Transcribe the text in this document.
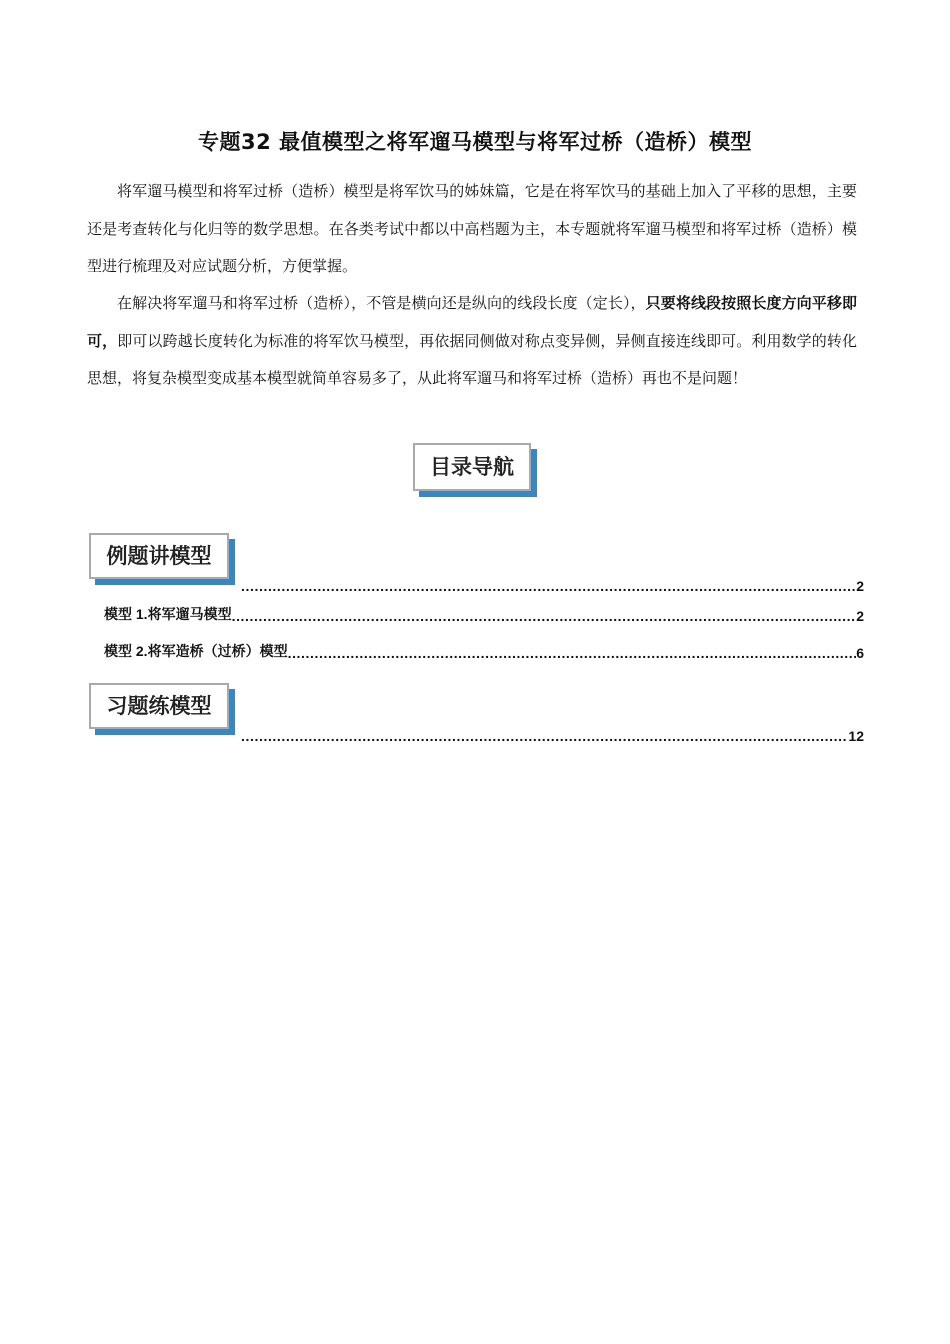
专题32 最值模型之将军遛马模型与将军过桥（造桥）模型

将军遛马模型和将军过桥（造桥）模型是将军饮马的姊妹篇，它是在将军饮马的基础上加入了平移的思想，主要还是考查转化与化归等的数学思想。在各类考试中都以中高档题为主，本专题就将军遛马模型和将军过桥（造桥）模型进行梳理及对应试题分析，方便掌握。

在解决将军遛马和将军过桥（造桥），不管是横向还是纵向的线段长度（定长），只要将线段按照长度方向平移即可，即可以跨越长度转化为标准的将军饮马模型，再依据同侧做对称点变异侧，异侧直接连线即可。利用数学的转化思想，将复杂模型变成基本模型就简单容易多了，从此将军遛马和将军过桥（造桥）再也不是问题！

目录导航
例题讲模型
.....
2
模型 1.将军遛马模型 .....	2
模型 2.将军造桥（过桥）模型 .....	6
习题练模型
.....
12
